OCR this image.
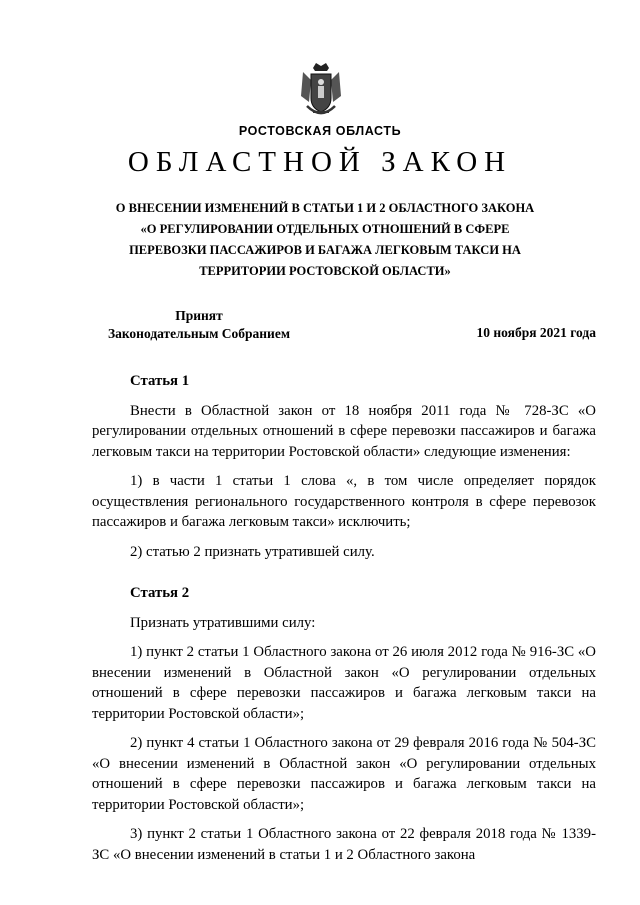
РОСТОВСКАЯ ОБЛАСТЬ
ОБЛАСТНОЙ ЗАКОН
О ВНЕСЕНИИ ИЗМЕНЕНИЙ В СТАТЬИ 1 И 2 ОБЛАСТНОГО ЗАКОНА
«О РЕГУЛИРОВАНИИ ОТДЕЛЬНЫХ ОТНОШЕНИЙ В СФЕРЕ
ПЕРЕВОЗКИ ПАССАЖИРОВ И БАГАЖА ЛЕГКОВЫМ ТАКСИ НА
ТЕРРИТОРИИ РОСТОВСКОЙ ОБЛАСТИ»
Принят
Законодательным Собранием	10 ноября 2021 года
Статья 1

Внести в Областной закон от 18 ноября 2011 года № 728-ЗС «О регулировании отдельных отношений в сфере перевозки пассажиров и багажа легковым такси на территории Ростовской области» следующие изменения:

1) в части 1 статьи 1 слова «, в том числе определяет порядок осуществления регионального государственного контроля в сфере перевозок пассажиров и багажа легковым такси» исключить;

2) статью 2 признать утратившей силу.

Статья 2

Признать утратившими силу:

1) пункт 2 статьи 1 Областного закона от 26 июля 2012 года № 916-ЗС «О внесении изменений в Областной закон «О регулировании отдельных отношений в сфере перевозки пассажиров и багажа легковым такси на территории Ростовской области»;

2) пункт 4 статьи 1 Областного закона от 29 февраля 2016 года № 504-ЗС «О внесении изменений в Областной закон «О регулировании отдельных отношений в сфере перевозки пассажиров и багажа легковым такси на территории Ростовской области»;

3) пункт 2 статьи 1 Областного закона от 22 февраля 2018 года № 1339-ЗС «О внесении изменений в статьи 1 и 2 Областного закона
